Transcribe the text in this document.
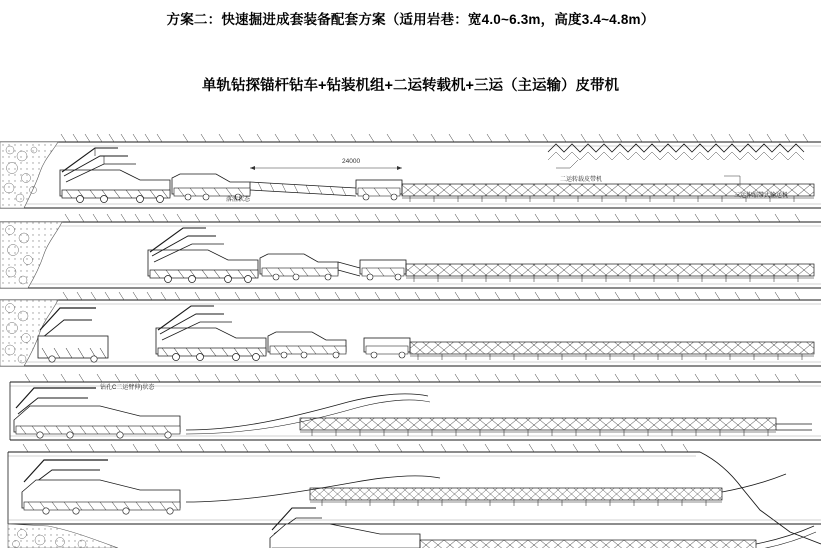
方案二：快速掘进成套装备配套方案（适用岩巷：宽4.0~6.3m，高度3.4~4.8m）
单轨钻探锚杆钻车+钻装机组+二运转载机+三运（主运输）皮带机
24000
落渣状态
二运转载皮带机
三运伸缩带式输送机
钻孔C二运臂伸)状态
